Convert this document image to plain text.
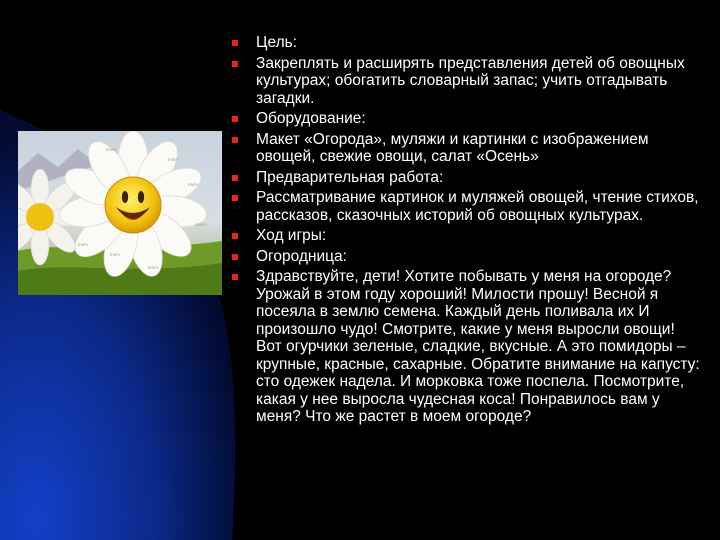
EVEY
EVEY
EVEY
EVEY
EVEY
EVEY
EVEY
Цель:
Закреплять и расширять представления детей об овощных культурах; обогатить словарный запас; учить отгадывать загадки.
Оборудование:
Макет «Огорода», муляжи и картинки с изображением овощей, свежие овощи, салат «Осень»
Предварительная работа:
Рассматривание картинок и муляжей овощей, чтение стихов, рассказов, сказочных историй об овощных культурах.
Ход игры:
Огородница:
Здравствуйте, дети! Хотите побывать у меня на огороде? Урожай в этом году хороший! Милости прошу! Весной я посеяла в землю семена. Каждый день поливала их И произошло чудо! Смотрите, какие у меня выросли овощи! Вот огурчики зеленые, сладкие, вкусные. А это помидоры – крупные, красные, сахарные. Обратите внимание на капусту: сто одежек надела. И морковка тоже поспела. Посмотрите, какая у нее выросла чудесная коса! Понравилось вам у меня? Что же растет в моем огороде?
